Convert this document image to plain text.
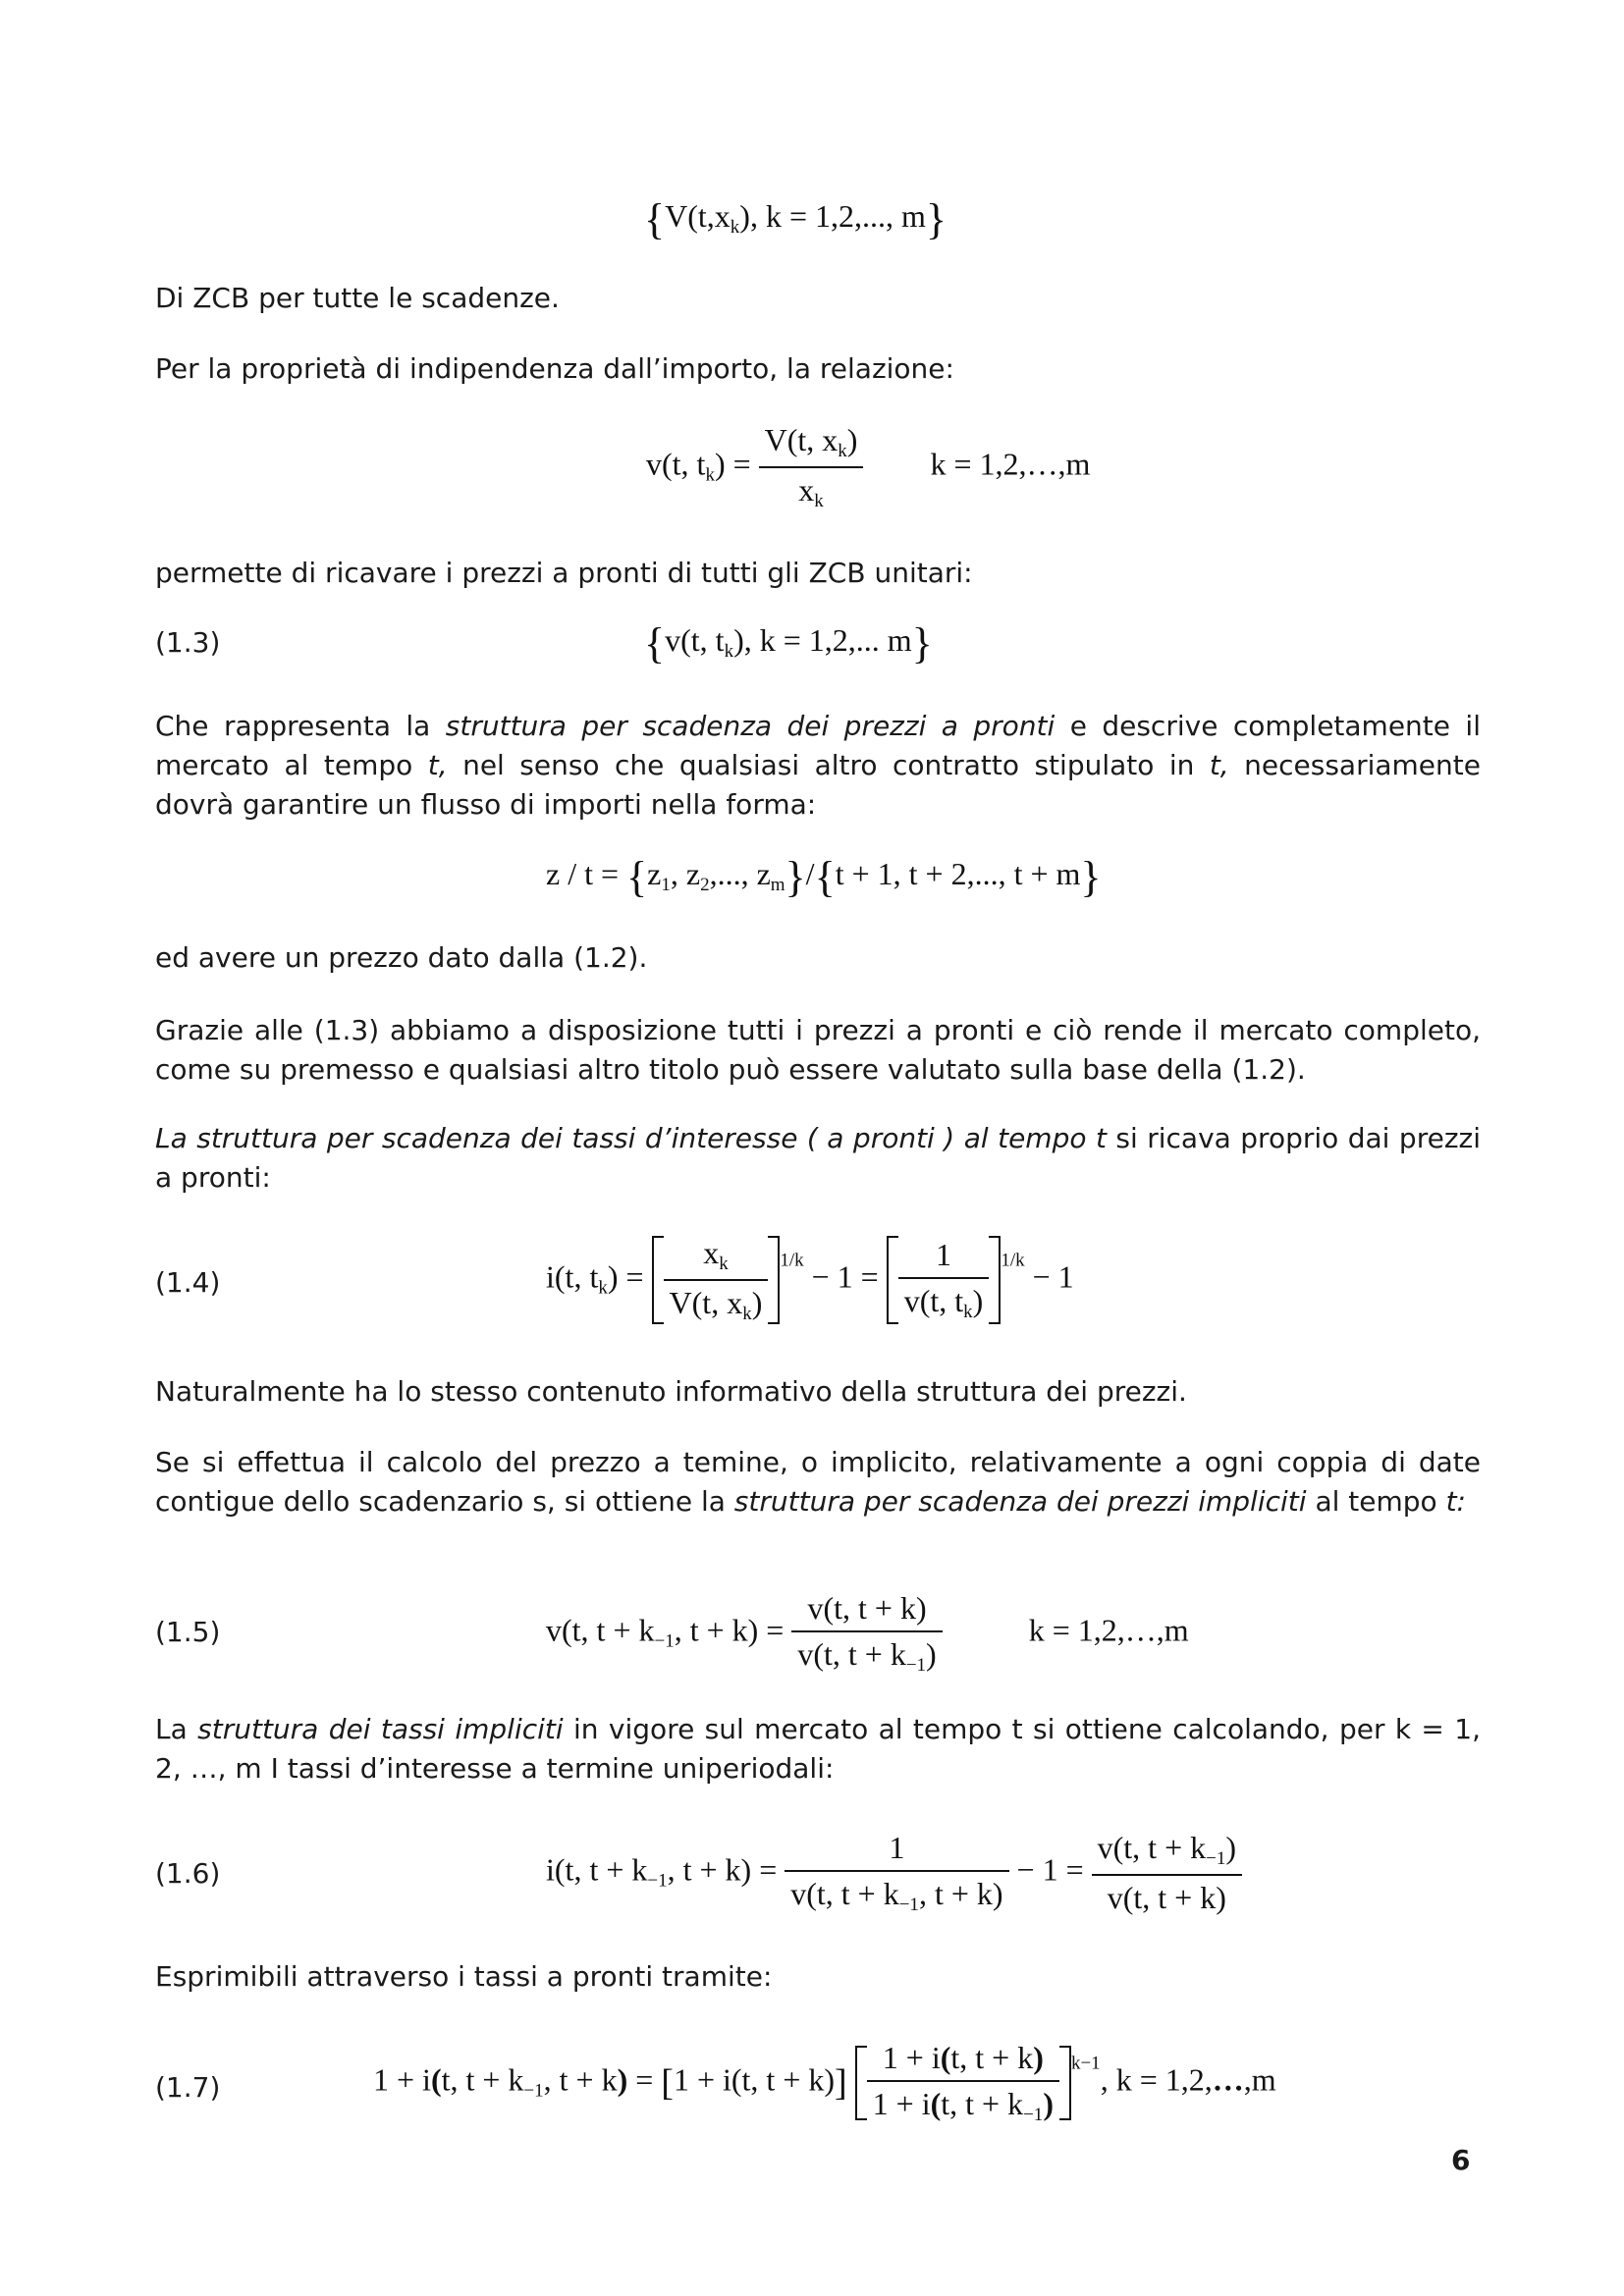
{$V(t,x_k)$, k = 1,2,..., m}
Di ZCB per tutte le scadenze.
Per la proprietà di indipendenza dall’importo, la relazione:
v(t, $t_k) = \frac{V(t, x_k)}{x_k}$ k = 1,2,…,m
permette di ricavare i prezzi a pronti di tutti gli ZCB unitari:
(1.3)	{v(t, $t_k$), k = 1,2,... m}
Che rappresenta la struttura per scadenza dei prezzi a pronti e descrive completamente il mercato al tempo t, nel senso che qualsiasi altro contratto stipulato in t, necessariamente dovrà garantire un flusso di importi nella forma:
$z / t = \{z_1$, $z_2$,..., $z_m\}/\{t + 1$, t + 2,..., t + m}
ed avere un prezzo dato dalla (1.2).
Grazie alle (1.3) abbiamo a disposizione tutti i prezzi a pronti e ciò rende il mercato completo, come su premesso e qualsiasi altro titolo può essere valutato sulla base della (1.2).
La struttura per scadenza dei tassi d’interesse ( a pronti ) al tempo t si ricava proprio dai prezzi a pronti:
(1.4)	i(t, $t_k) = \frac{x_k}{V(t, x_k)} ^{1/k} - 1 = \frac{1}{v(t, t_k)} ^{1/k} - 1$
Naturalmente ha lo stesso contenuto informativo della struttura dei prezzi.
Se si effettua il calcolo del prezzo a temine, o implicito, relativamente a ogni coppia di date contigue dello scadenzario s, si ottiene la struttura per scadenza dei prezzi impliciti al tempo t:
(1.5)	v(t, $t + k_{-1}$, $t + k) = \frac{v(t, t + k)}{v(t, t + k_{-1})}$	k = 1,2,…,m
La struttura dei tassi impliciti in vigore sul mercato al tempo t si ottiene calcolando, per k = 1, 2, …, m I tassi d’interesse a termine uniperiodali:
(1.6)	i(t, $t + k_{-1}$, $t + k) = \frac{1}{v(t, t + k_{-1}, t + k)} - 1 = \frac{v(t, t + k_{-1})}{v(t, t + k)}$
Esprimibili attraverso i tassi a pronti tramite:
(1.7)	1 + i(t, $t + k_{-1}$, t + k) = [1 + i(t, $t + k)] \frac{1 + i(t, t + k)}{1 + i(t, t + k_{-1})} ^{k-1}$, k = 1,2,…,m
6
